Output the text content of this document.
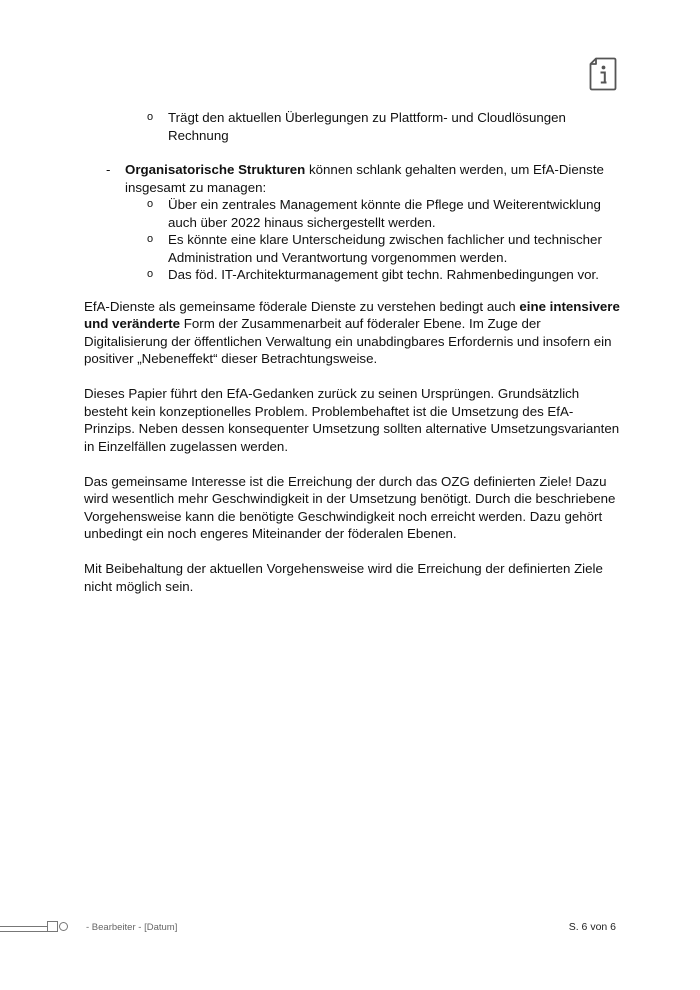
o Trägt den aktuellen Überlegungen zu Plattform- und Cloudlösungen Rechnung
- Organisatorische Strukturen können schlank gehalten werden, um EfA-Dienste insgesamt zu managen:
o Über ein zentrales Management könnte die Pflege und Weiterentwicklung auch über 2022 hinaus sichergestellt werden.
o Es könnte eine klare Unterscheidung zwischen fachlicher und technischer Administration und Verantwortung vorgenommen werden.
o Das föd. IT-Architekturmanagement gibt techn. Rahmenbedingungen vor.

EfA-Dienste als gemeinsame föderale Dienste zu verstehen bedingt auch eine intensivere und veränderte Form der Zusammenarbeit auf föderaler Ebene. Im Zuge der Digitalisierung der öffentlichen Verwaltung ein unabdingbares Erfordernis und insofern ein positiver „Nebeneffekt“ dieser Betrachtungsweise.

Dieses Papier führt den EfA-Gedanken zurück zu seinen Ursprüngen. Grundsätzlich besteht kein konzeptionelles Problem. Problembehaftet ist die Umsetzung des EfA-Prinzips. Neben dessen konsequenter Umsetzung sollten alternative Umsetzungsvarianten in Einzelfällen zugelassen werden.

Das gemeinsame Interesse ist die Erreichung der durch das OZG definierten Ziele! Dazu wird wesentlich mehr Geschwindigkeit in der Umsetzung benötigt. Durch die beschriebene Vorgehensweise kann die benötigte Geschwindigkeit noch erreicht werden. Dazu gehört unbedingt ein noch engeres Miteinander der föderalen Ebenen.

Mit Beibehaltung der aktuellen Vorgehensweise wird die Erreichung der definierten Ziele nicht möglich sein.

- Bearbeiter - [Datum]	S. 6 von 6
